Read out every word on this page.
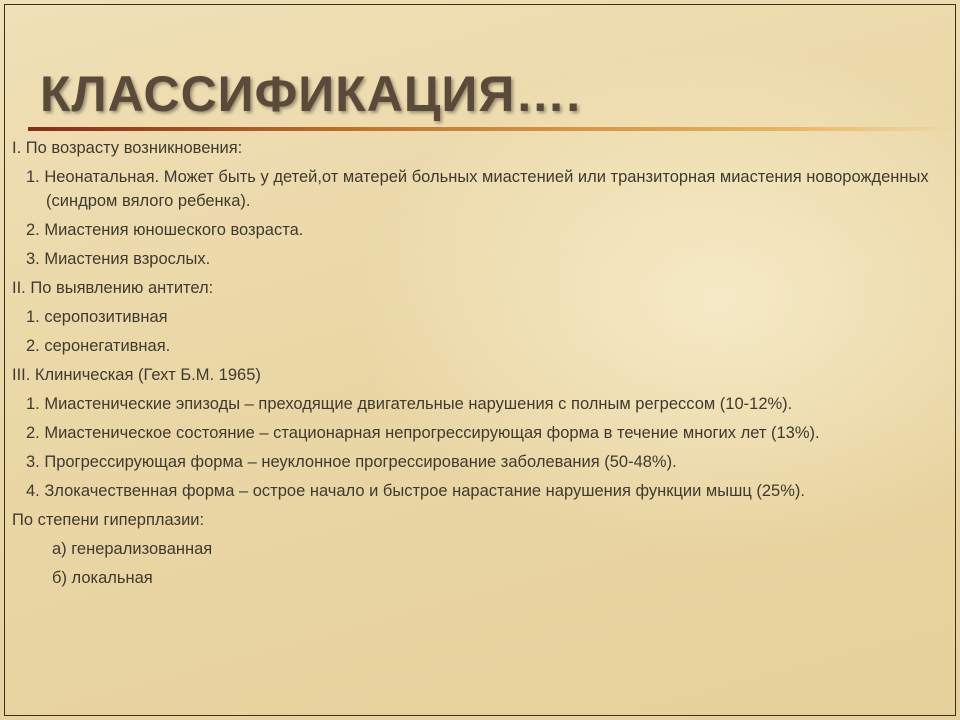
КЛАССИФИКАЦИЯ….

I. По возрасту возникновения:

1. Неонатальная. Может быть у детей,от матерей больных миастенией или транзиторная миастения новорожденных (синдром вялого ребенка).

2. Миастения юношеского возраста.

3. Миастения взрослых.

II. По выявлению антител:

1. серопозитивная

2. серонегативная.

III. Клиническая (Гехт Б.М. 1965)

1. Миастенические эпизоды – преходящие двигательные нарушения с полным регрессом (10-12%).

2. Миастеническое состояние – стационарная непрогрессирующая форма в течение многих лет (13%).

3. Прогрессирующая форма – неуклонное прогрессирование заболевания (50-48%).

4. Злокачественная форма – острое начало и быстрое нарастание нарушения функции мышц (25%).

По степени гиперплазии:

а) генерализованная

б) локальная
